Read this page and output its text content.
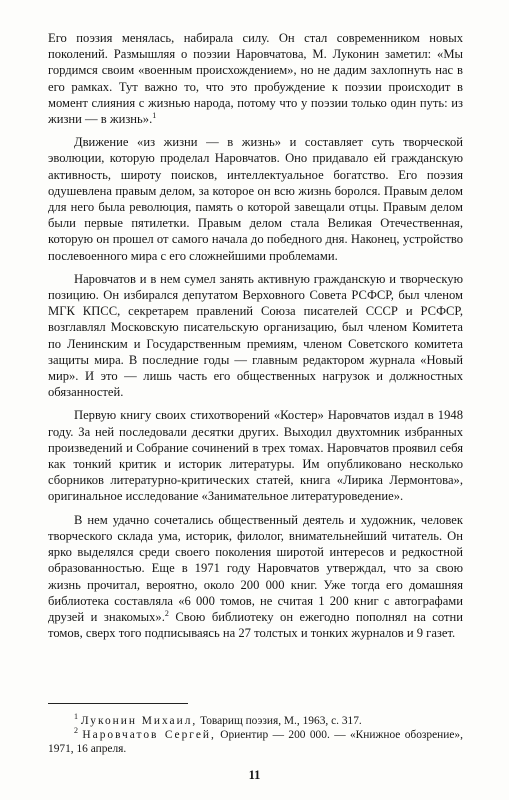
Его поэзия менялась, набирала силу. Он стал современником новых поколений. Размышляя о поэзии Наровчатова, М. Луконин заметил: «Мы гордимся своим «военным происхождением», но не дадим захлопнуть нас в его рамках. Тут важно то, что это пробуждение к поэзии происходит в момент слияния с жизнью народа, потому что у поэзии только один путь: из жизни — в жизнь».$^1$

Движение «из жизни — в жизнь» и составляет суть творческой эволюции, которую проделал Наровчатов. Оно придавало ей гражданскую активность, широту поисков, интеллектуальное богатство. Его поэзия одушевлена правым делом, за которое он всю жизнь боролся. Правым делом для него была революция, память о которой завещали отцы. Правым делом были первые пятилетки. Правым делом стала Великая Отечественная, которую он прошел от самого начала до победного дня. Наконец, устройство послевоенного мира с его сложнейшими проблемами.

Наровчатов и в нем сумел занять активную гражданскую и творческую позицию. Он избирался депутатом Верховного Совета РСФСР, был членом МГК КПСС, секретарем правлений Союза писателей СССР и РСФСР, возглавлял Московскую писательскую организацию, был членом Комитета по Ленинским и Государственным премиям, членом Советского комитета защиты мира. В последние годы — главным редактором журнала «Новый мир». И это — лишь часть его общественных нагрузок и должностных обязанностей.

Первую книгу своих стихотворений «Костер» Наровчатов издал в 1948 году. За ней последовали десятки других. Выходил двухтомник избранных произведений и Собрание сочинений в трех томах. Наровчатов проявил себя как тонкий критик и историк литературы. Им опубликовано несколько сборников литературно-критических статей, книга «Лирика Лермонтова», оригинальное исследование «Занимательное литературоведение».

В нем удачно сочетались общественный деятель и художник, человек творческого склада ума, историк, филолог, внимательнейший читатель. Он ярко выделялся среди своего поколения широтой интересов и редкостной образованностью. Еще в 1971 году Наровчатов утверждал, что за свою жизнь прочитал, вероятно, около 200 000 книг. Уже тогда его домашняя библиотека составляла «6 000 томов, не считая 1 200 книг с автографами друзей и знакомых».$^2$ Свою библиотеку он ежегодно пополнял на сотни томов, сверх того подписываясь на 27 толстых и тонких журналов и 9 газет.

$^1$ Луконин Михаил, Товарищ поэзия, М., 1963, с. 317.

$^2$ Наровчатов Сергей, Ориентир — 200 000. — «Книжное обозрение», 1971, 16 апреля.

11
